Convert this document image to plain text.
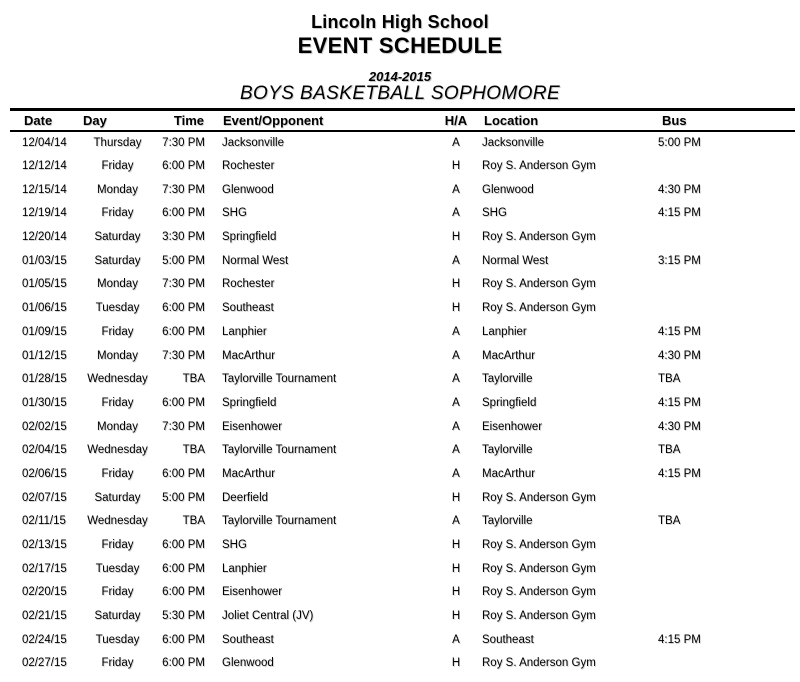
Lincoln High School
EVENT SCHEDULE
2014-2015
BOYS BASKETBALL SOPHOMORE
Date	Day	Time	Event/Opponent	H/A	Location	Bus
12/04/14	Thursday	7:30 PM	Jacksonville	A	Jacksonville	5:00 PM
12/12/14	Friday	6:00 PM	Rochester	H	Roy S. Anderson Gym	
12/15/14	Monday	7:30 PM	Glenwood	A	Glenwood	4:30 PM
12/19/14	Friday	6:00 PM	SHG	A	SHG	4:15 PM
12/20/14	Saturday	3:30 PM	Springfield	H	Roy S. Anderson Gym	
01/03/15	Saturday	5:00 PM	Normal West	A	Normal West	3:15 PM
01/05/15	Monday	7:30 PM	Rochester	H	Roy S. Anderson Gym	
01/06/15	Tuesday	6:00 PM	Southeast	H	Roy S. Anderson Gym	
01/09/15	Friday	6:00 PM	Lanphier	A	Lanphier	4:15 PM
01/12/15	Monday	7:30 PM	MacArthur	A	MacArthur	4:30 PM
01/28/15	Wednesday	TBA	Taylorville Tournament	A	Taylorville	TBA
01/30/15	Friday	6:00 PM	Springfield	A	Springfield	4:15 PM
02/02/15	Monday	7:30 PM	Eisenhower	A	Eisenhower	4:30 PM
02/04/15	Wednesday	TBA	Taylorville Tournament	A	Taylorville	TBA
02/06/15	Friday	6:00 PM	MacArthur	A	MacArthur	4:15 PM
02/07/15	Saturday	5:00 PM	Deerfield	H	Roy S. Anderson Gym	
02/11/15	Wednesday	TBA	Taylorville Tournament	A	Taylorville	TBA
02/13/15	Friday	6:00 PM	SHG	H	Roy S. Anderson Gym	
02/17/15	Tuesday	6:00 PM	Lanphier	H	Roy S. Anderson Gym	
02/20/15	Friday	6:00 PM	Eisenhower	H	Roy S. Anderson Gym	
02/21/15	Saturday	5:30 PM	Joliet Central (JV)	H	Roy S. Anderson Gym	
02/24/15	Tuesday	6:00 PM	Southeast	A	Southeast	4:15 PM
02/27/15	Friday	6:00 PM	Glenwood	H	Roy S. Anderson Gym	
